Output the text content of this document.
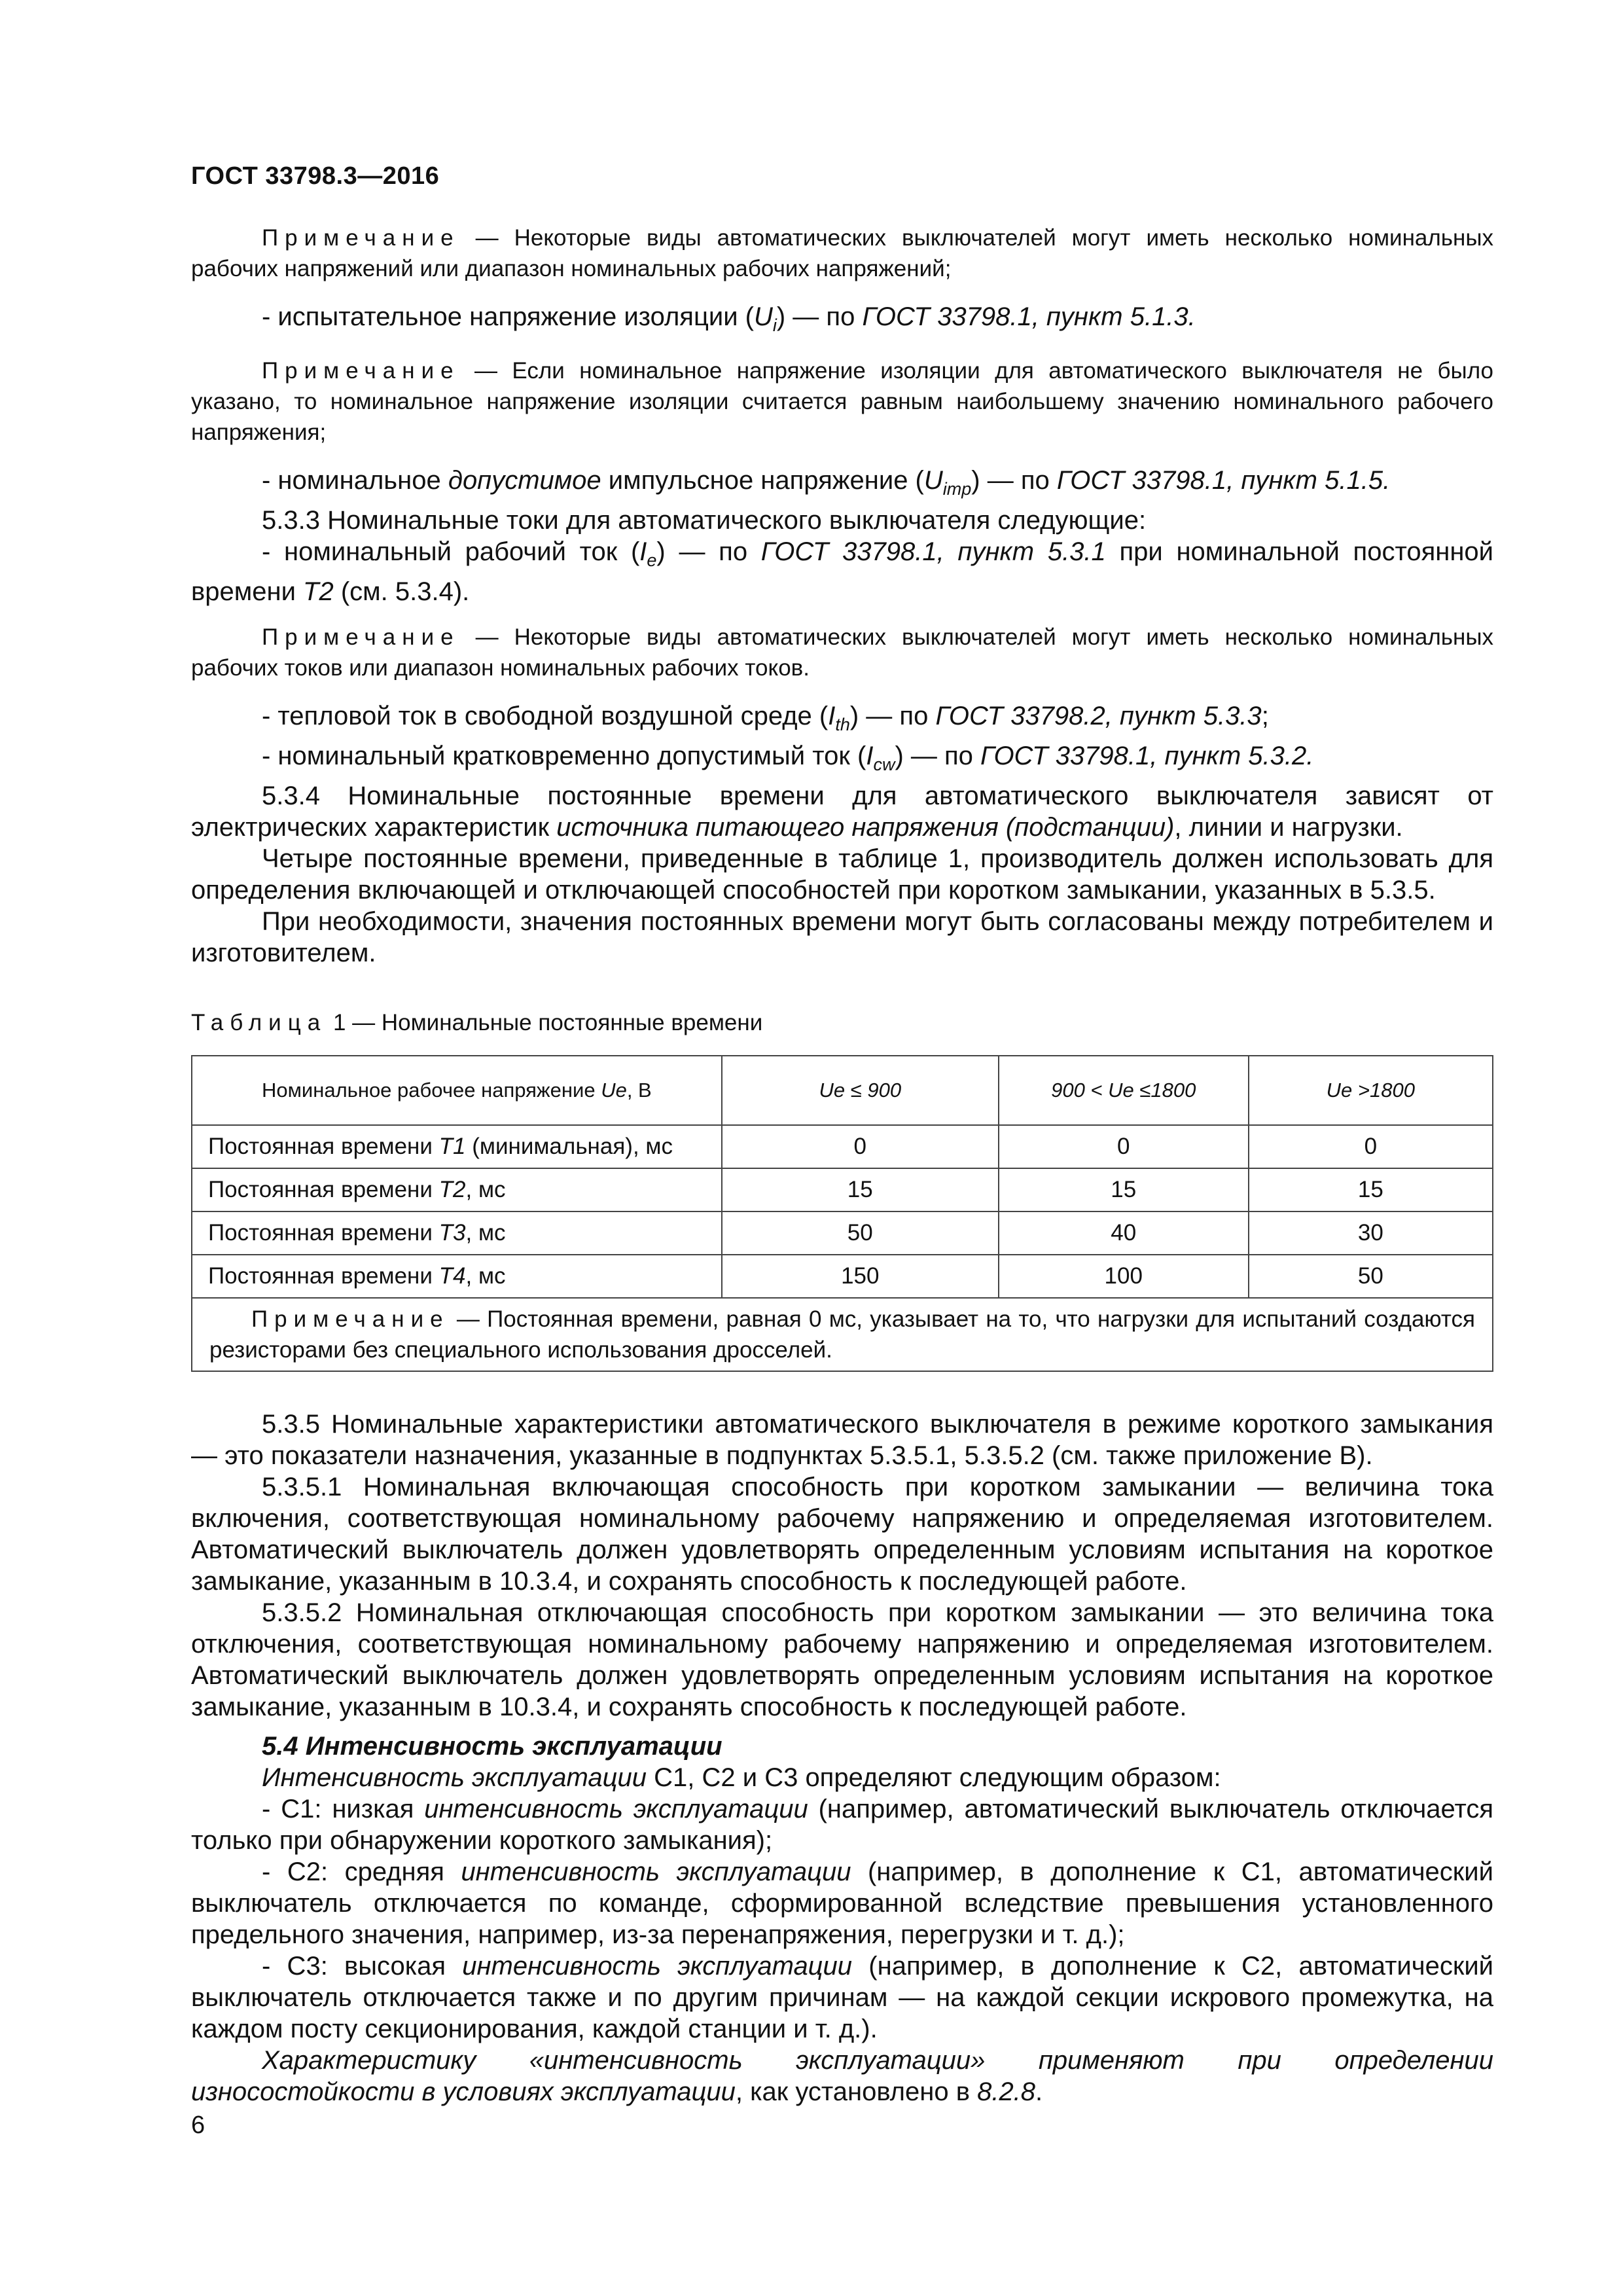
ГОСТ 33798.3—2016

Примечание — Некоторые виды автоматических выключателей могут иметь несколько номинальных рабочих напряжений или диапазон номинальных рабочих напряжений;

- испытательное напряжение изоляции $(U_i)$ — по ГОСТ 33798.1, пункт 5.1.3.

Примечание — Если номинальное напряжение изоляции для автоматического выключателя не было указано, то номинальное напряжение изоляции считается равным наибольшему значению номинального рабочего напряжения;

- номинальное допустимое импульсное напряжение $(U_{imp})$ — по ГОСТ 33798.1, пункт 5.1.5.

5.3.3 Номинальные токи для автоматического выключателя следующие:

- номинальный рабочий ток $(I_e)$ — по ГОСТ 33798.1, пункт 5.3.1 при номинальной постоянной времени Т2 (см. 5.3.4).

Примечание — Некоторые виды автоматических выключателей могут иметь несколько номинальных рабочих токов или диапазон номинальных рабочих токов.

- тепловой ток в свободной воздушной среде $(I_{th})$ — по ГОСТ 33798.2, пункт 5.3.3;

- номинальный кратковременно допустимый ток $(I_{cw})$ — по ГОСТ 33798.1, пункт 5.3.2.

5.3.4 Номинальные постоянные времени для автоматического выключателя зависят от электрических характеристик источника питающего напряжения (подстанции), линии и нагрузки.

Четыре постоянные времени, приведенные в таблице 1, производитель должен использовать для определения включающей и отключающей способностей при коротком замыкании, указанных в 5.3.5.

При необходимости, значения постоянных времени могут быть согласованы между потребителем и изготовителем.

Таблица 1 — Номинальные постоянные времени

Номинальное рабочее напряжение Ue, В	Ue ≤ 900	900 < Ue ≤1800	Ue >1800
Постоянная времени Т1 (минимальная), мс	0	0	0
Постоянная времени Т2, мс	15	15	15
Постоянная времени Т3, мс	50	40	30
Постоянная времени Т4, мс	150	100	50
Примечание — Постоянная времени, равная 0 мс, указывает на то, что нагрузки для испытаний создаются резисторами без специального использования дросселей.			

5.3.5 Номинальные характеристики автоматического выключателя в режиме короткого замыкания — это показатели назначения, указанные в подпунктах 5.3.5.1, 5.3.5.2 (см. также приложение В).

5.3.5.1 Номинальная включающая способность при коротком замыкании — величина тока включения, соответствующая номинальному рабочему напряжению и определяемая изготовителем. Автоматический выключатель должен удовлетворять определенным условиям испытания на короткое замыкание, указанным в 10.3.4, и сохранять способность к последующей работе.

5.3.5.2 Номинальная отключающая способность при коротком замыкании — это величина тока отключения, соответствующая номинальному рабочему напряжению и определяемая изготовителем. Автоматический выключатель должен удовлетворять определенным условиям испытания на короткое замыкание, указанным в 10.3.4, и сохранять способность к последующей работе.

5.4 Интенсивность эксплуатации

Интенсивность эксплуатации С1, С2 и С3 определяют следующим образом:

- С1: низкая интенсивность эксплуатации (например, автоматический выключатель отключается только при обнаружении короткого замыкания);

- С2: средняя интенсивность эксплуатации (например, в дополнение к С1, автоматический выключатель отключается по команде, сформированной вследствие превышения установленного предельного значения, например, из-за перенапряжения, перегрузки и т. д.);

- С3: высокая интенсивность эксплуатации (например, в дополнение к С2, автоматический выключатель отключается также и по другим причинам — на каждой секции искрового промежутка, на каждом посту секционирования, каждой станции и т. д.).

Характеристику «интенсивность эксплуатации» применяют при определении износостойкости в условиях эксплуатации, как установлено в 8.2.8.

6
